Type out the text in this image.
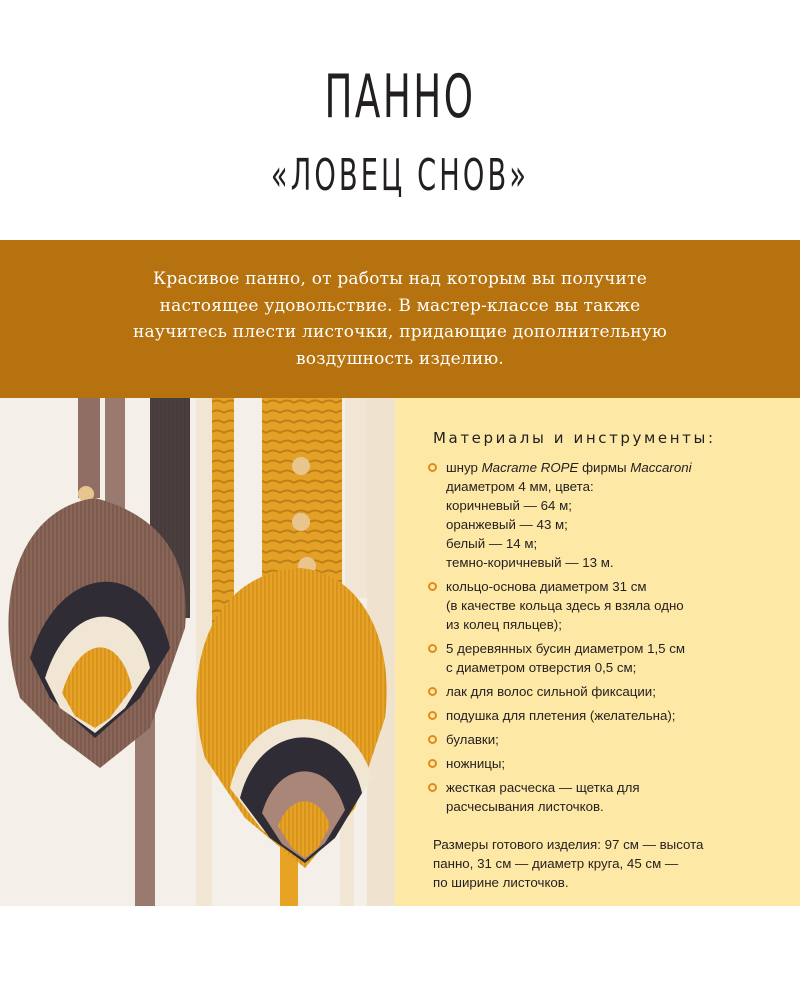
ПАННО
«ЛОВЕЦ СНОВ»
Красивое панно, от работы над которым вы получите
настоящее удовольствие. В мастер-классе вы также
научитесь плести листочки, придающие дополнительную
воздушность изделию.
Материалы и инструменты:
шнур Macrame ROPE фирмы Maccaroni
диаметром 4 мм, цвета:
коричневый — 64 м;
оранжевый — 43 м;
белый — 14 м;
темно-коричневый — 13 м.
кольцо-основа диаметром 31 см
(в качестве кольца здесь я взяла одно
из колец пяльцев);
5 деревянных бусин диаметром 1,5 см
с диаметром отверстия 0,5 см;
лак для волос сильной фиксации;
подушка для плетения (желательна);
булавки;
ножницы;
жесткая расческа — щетка для
расчесывания листочков.
Размеры готового изделия: 97 см — высота
панно, 31 см — диаметр круга, 45 см —
по ширине листочков.
